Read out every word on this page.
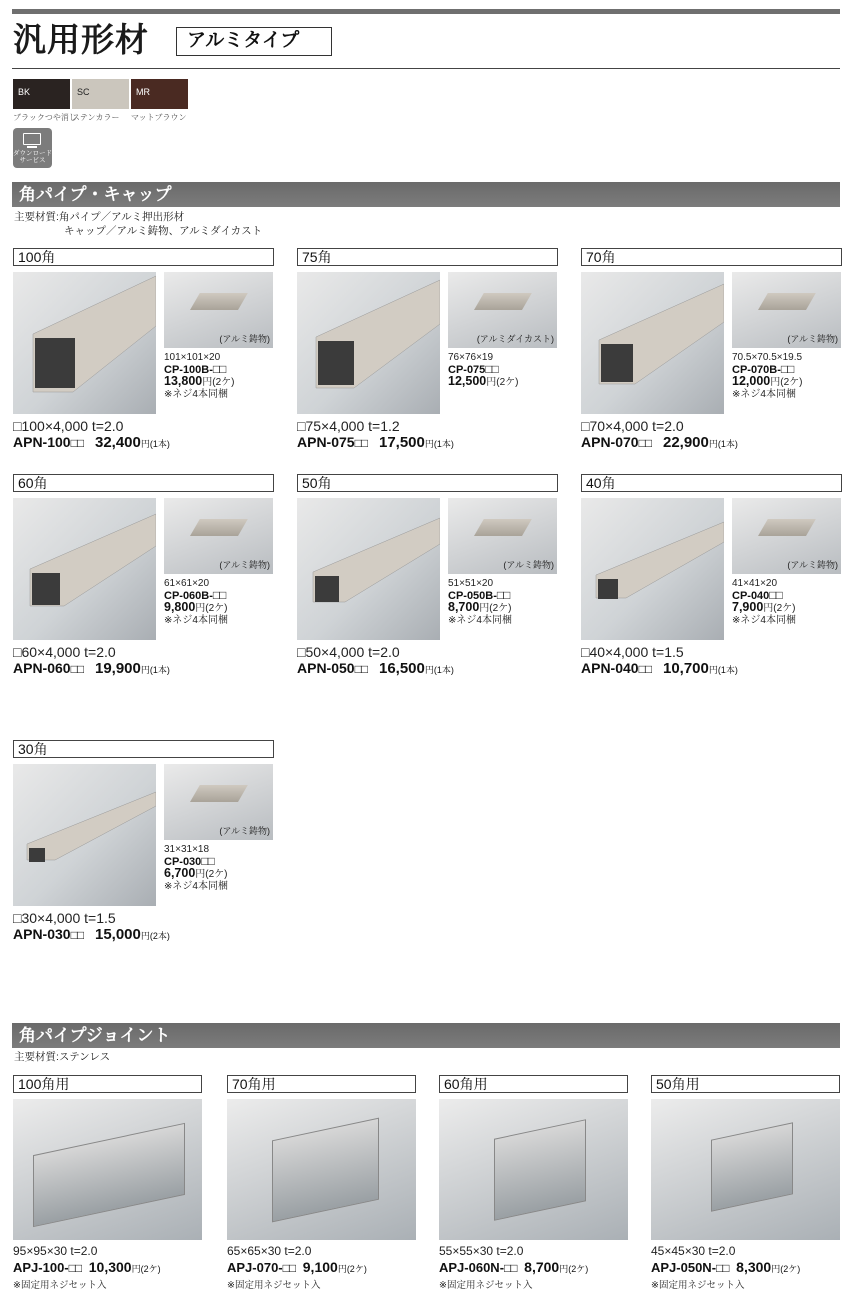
汎用形材	アルミタイプ
BK	SC	MR
ブラックつや消し
ステンカラー マットブラウン
ダウンロードサービス
角パイプ・キャップ
主要材質:角パイプ／アルミ押出形材
キャップ／アルミ鋳物、アルミダイカスト
100角
(アルミ鋳物)
101×101×20
CP-100B-□□
13,800円(2ケ)
※ネジ4本同梱
□100×4,000 t=2.0
APN-100□□ 32,400円(1本)
75角
(アルミダイカスト)
76×76×19
CP-075□□
12,500円(2ケ)
□75×4,000 t=1.2
APN-075□□ 17,500円(1本)
70角
(アルミ鋳物)
70.5×70.5×19.5
CP-070B-□□
12,000円(2ケ)
※ネジ4本同梱
□70×4,000 t=2.0
APN-070□□ 22,900円(1本)
60角
(アルミ鋳物)
61×61×20
CP-060B-□□
9,800円(2ケ)
※ネジ4本同梱
□60×4,000 t=2.0
APN-060□□ 19,900円(1本)
50角
(アルミ鋳物)
51×51×20
CP-050B-□□
8,700円(2ケ)
※ネジ4本同梱
□50×4,000 t=2.0
APN-050□□ 16,500円(1本)
40角
(アルミ鋳物)
41×41×20
CP-040□□
7,900円(2ケ)
※ネジ4本同梱
□40×4,000 t=1.5
APN-040□□ 10,700円(1本)
30角
(アルミ鋳物)
31×31×18
CP-030□□
6,700円(2ケ)
※ネジ4本同梱
□30×4,000 t=1.5
APN-030□□ 15,000円(2本)
角パイプジョイント
主要材質:ステンレス
100角用
95×95×30 t=2.0
APJ-100-□□ 10,300円(2ケ)
※固定用ネジセット入
70角用
65×65×30 t=2.0
APJ-070-□□ 9,100円(2ケ)
※固定用ネジセット入
60角用
55×55×30 t=2.0
APJ-060N-□□ 8,700円(2ケ)
※固定用ネジセット入
50角用
45×45×30 t=2.0
APJ-050N-□□ 8,300円(2ケ)
※固定用ネジセット入
